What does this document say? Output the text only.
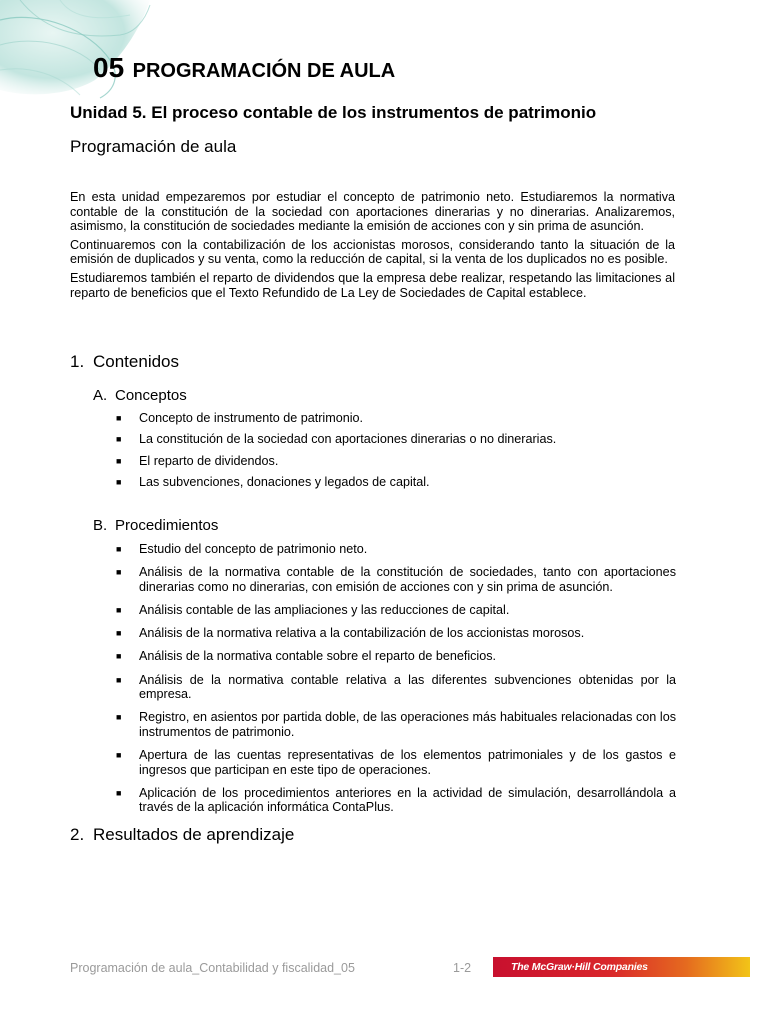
05 PROGRAMACIÓN DE AULA
Unidad 5. El proceso contable de los instrumentos de patrimonio
Programación de aula

En esta unidad empezaremos por estudiar el concepto de patrimonio neto. Estudiaremos la normativa contable de la constitución de la sociedad con aportaciones dinerarias y no dinerarias. Analizaremos, asimismo, la constitución de sociedades mediante la emisión de acciones con y sin prima de asunción.

Continuaremos con la contabilización de los accionistas morosos, considerando tanto la situación de la emisión de duplicados y su venta, como la reducción de capital, si la venta de los duplicados no es posible.

Estudiaremos también el reparto de dividendos que la empresa debe realizar, respetando las limitaciones al reparto de beneficios que el Texto Refundido de La Ley de Sociedades de Capital establece.

1. Contenidos
A. Conceptos
■ Concepto de instrumento de patrimonio.
■ La constitución de la sociedad con aportaciones dinerarias o no dinerarias.
■ El reparto de dividendos.
■ Las subvenciones, donaciones y legados de capital.
B. Procedimientos
■ Estudio del concepto de patrimonio neto.
■ Análisis de la normativa contable de la constitución de sociedades, tanto con aportaciones dinerarias como no dinerarias, con emisión de acciones con y sin prima de asunción.
■ Análisis contable de las ampliaciones y las reducciones de capital.
■ Análisis de la normativa relativa a la contabilización de los accionistas morosos.
■ Análisis de la normativa contable sobre el reparto de beneficios.
■ Análisis de la normativa contable relativa a las diferentes subvenciones obtenidas por la empresa.
■ Registro, en asientos por partida doble, de las operaciones más habituales relacionadas con los instrumentos de patrimonio.
■ Apertura de las cuentas representativas de los elementos patrimoniales y de los gastos e ingresos que participan en este tipo de operaciones.
■ Aplicación de los procedimientos anteriores en la actividad de simulación, desarrollándola a través de la aplicación informática ContaPlus.
2. Resultados de aprendizaje
Programación de aula_Contabilidad y fiscalidad_05	1-2	The McGraw·Hill Companies
